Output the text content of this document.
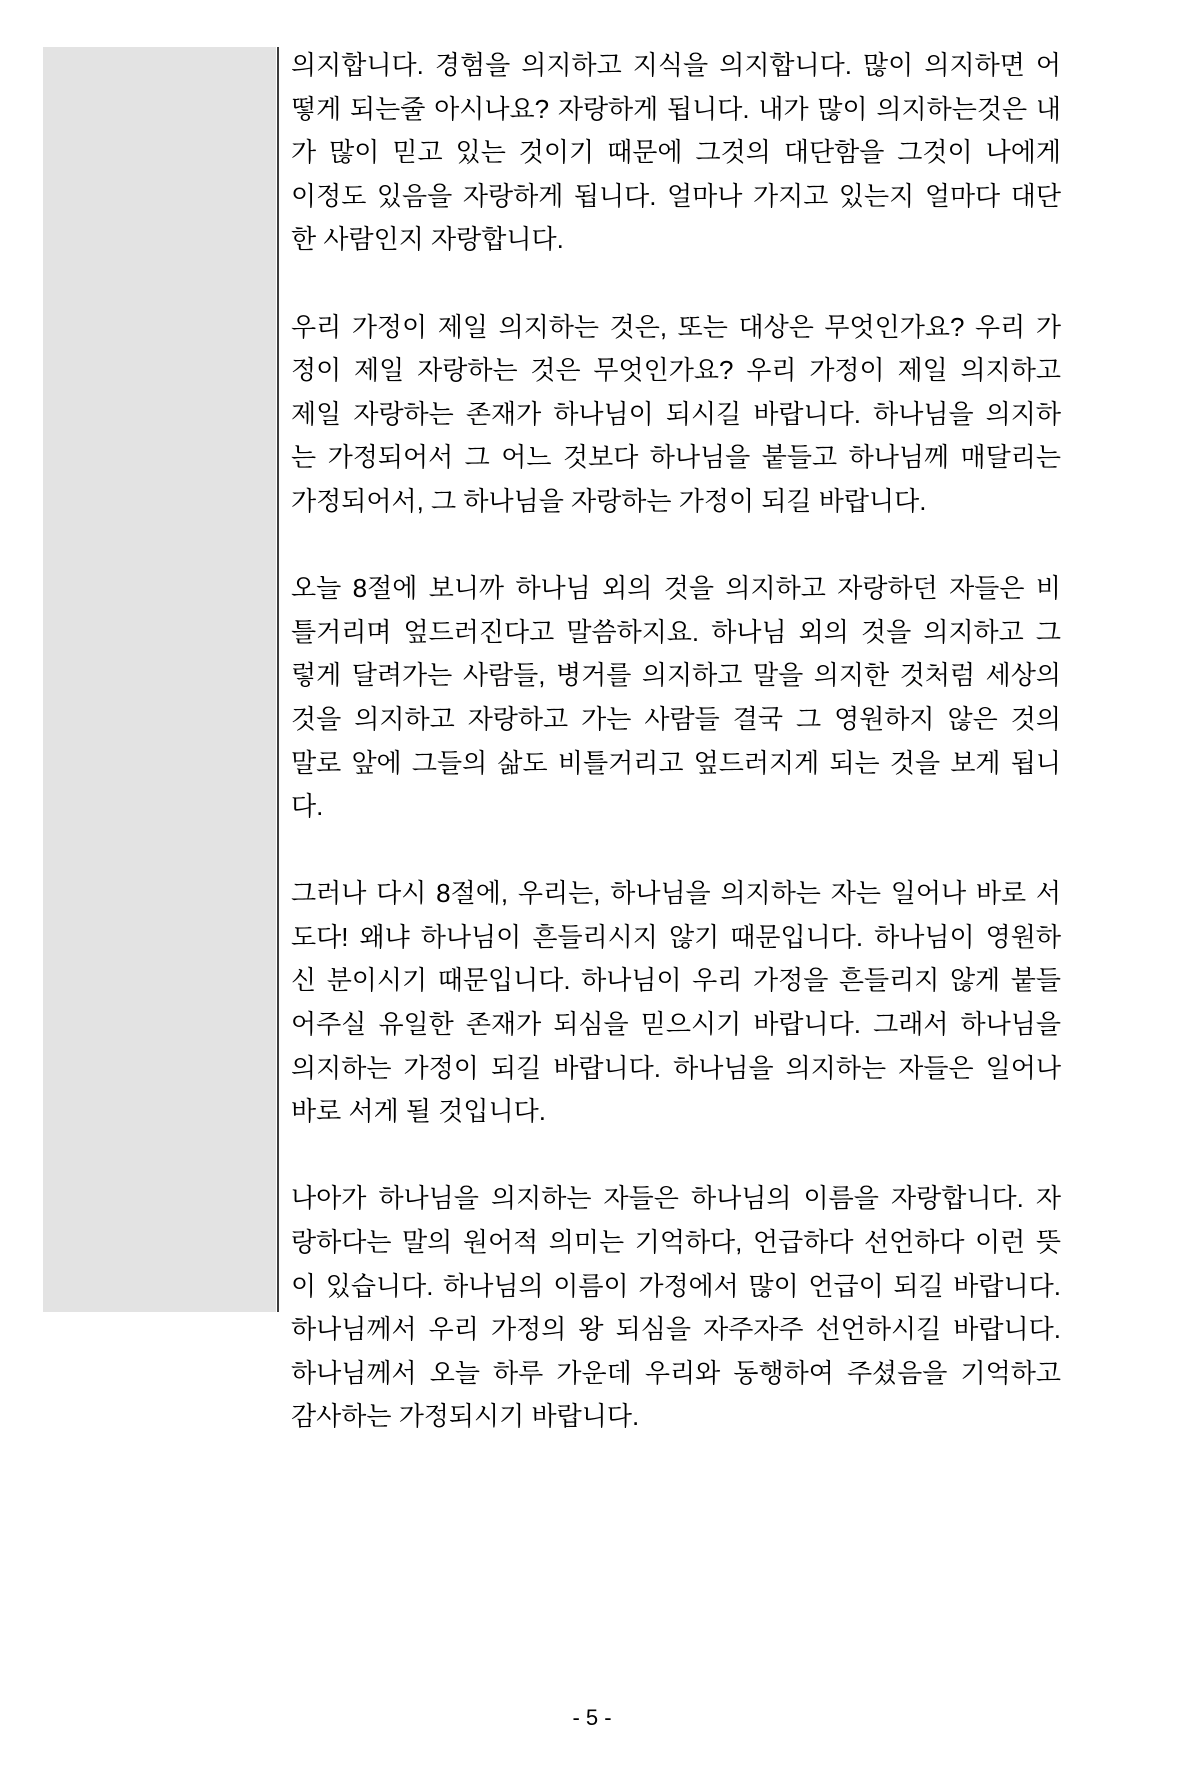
의지합니다. 경험을 의지하고 지식을 의지합니다. 많이 의지하면 어
떻게 되는줄 아시나요? 자랑하게 됩니다. 내가 많이 의지하는것은 내
가 많이 믿고 있는 것이기 때문에 그것의 대단함을 그것이 나에게
이정도 있음을 자랑하게 됩니다. 얼마나 가지고 있는지 얼마다 대단
한 사람인지 자랑합니다.
우리 가정이 제일 의지하는 것은, 또는 대상은 무엇인가요? 우리 가
정이 제일 자랑하는 것은 무엇인가요? 우리 가정이 제일 의지하고
제일 자랑하는 존재가 하나님이 되시길 바랍니다. 하나님을 의지하
는 가정되어서 그 어느 것보다 하나님을 붙들고 하나님께 매달리는
가정되어서, 그 하나님을 자랑하는 가정이 되길 바랍니다.
오늘 8절에 보니까 하나님 외의 것을 의지하고 자랑하던 자들은 비
틀거리며 엎드러진다고 말씀하지요. 하나님 외의 것을 의지하고 그
렇게 달려가는 사람들, 병거를 의지하고 말을 의지한 것처럼 세상의
것을 의지하고 자랑하고 가는 사람들 결국 그 영원하지 않은 것의
말로 앞에 그들의 삶도 비틀거리고 엎드러지게 되는 것을 보게 됩니
다.
그러나 다시 8절에, 우리는, 하나님을 의지하는 자는 일어나 바로 서
도다! 왜냐 하나님이 흔들리시지 않기 때문입니다. 하나님이 영원하
신 분이시기 때문입니다. 하나님이 우리 가정을 흔들리지 않게 붙들
어주실 유일한 존재가 되심을 믿으시기 바랍니다. 그래서 하나님을
의지하는 가정이 되길 바랍니다. 하나님을 의지하는 자들은 일어나
바로 서게 될 것입니다.
나아가 하나님을 의지하는 자들은 하나님의 이름을 자랑합니다. 자
랑하다는 말의 원어적 의미는 기억하다, 언급하다 선언하다 이런 뜻
이 있습니다. 하나님의 이름이 가정에서 많이 언급이 되길 바랍니다.
하나님께서 우리 가정의 왕 되심을 자주자주 선언하시길 바랍니다.
하나님께서 오늘 하루 가운데 우리와 동행하여 주셨음을 기억하고
감사하는 가정되시기 바랍니다.
- 5 -
